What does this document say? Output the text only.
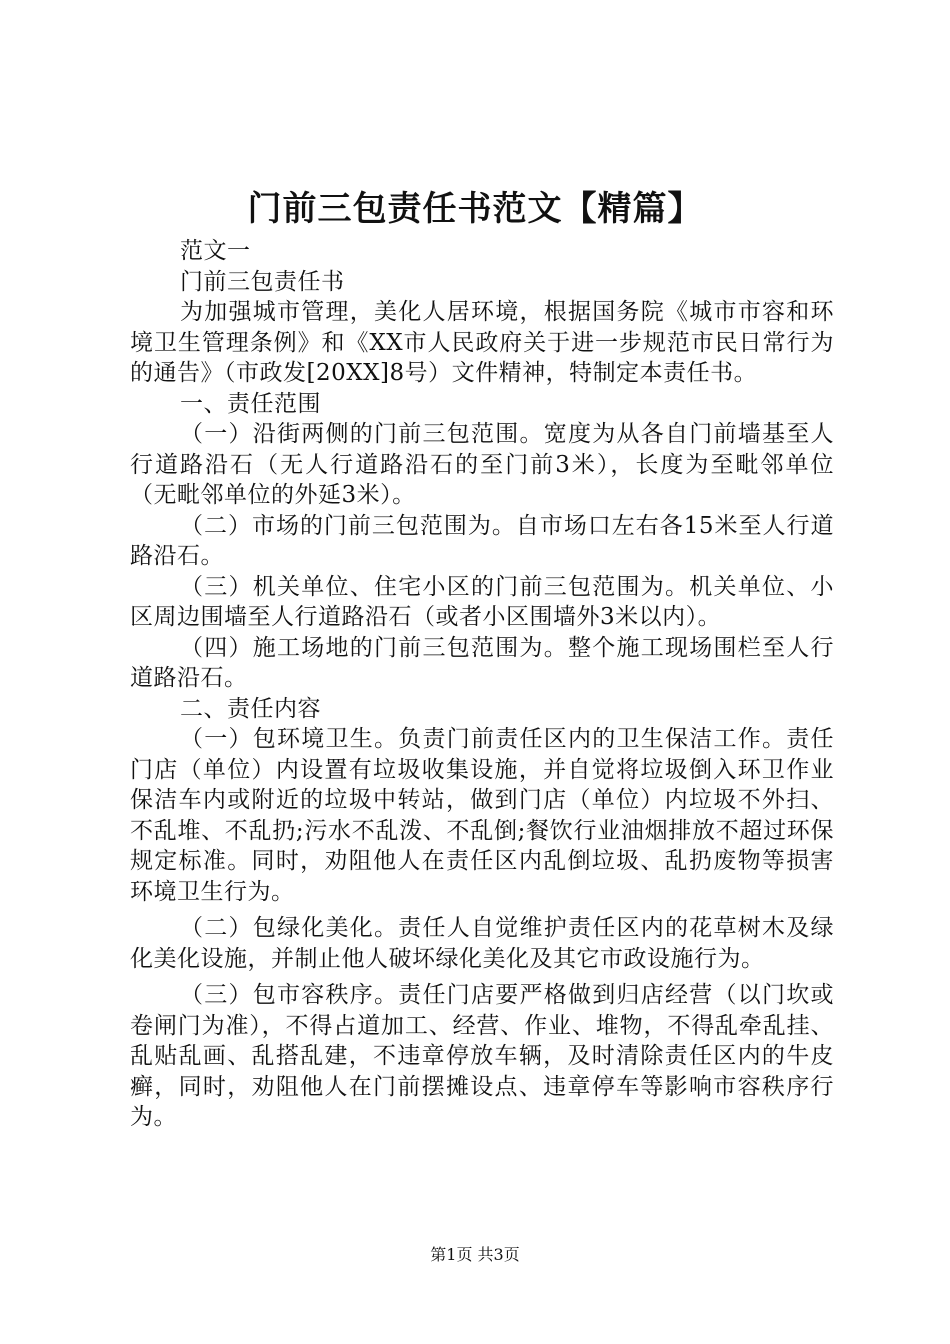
门前三包责任书范文【精篇】

范文一

门前三包责任书

为加强城市管理，美化人居环境，根据国务院《城市市容和环境卫生管理条例》和《XX市人民政府关于进一步规范市民日常行为的通告》（市政发[20XX]8号）文件精神，特制定本责任书。

一、责任范围

（一）沿街两侧的门前三包范围。宽度为从各自门前墙基至人行道路沿石（无人行道路沿石的至门前3米），长度为至毗邻单位（无毗邻单位的外延3米）。

（二）市场的门前三包范围为。自市场口左右各15米至人行道路沿石。

（三）机关单位、住宅小区的门前三包范围为。机关单位、小区周边围墙至人行道路沿石（或者小区围墙外3米以内）。

（四）施工场地的门前三包范围为。整个施工现场围栏至人行道路沿石。

二、责任内容

（一）包环境卫生。负责门前责任区内的卫生保洁工作。责任门店（单位）内设置有垃圾收集设施，并自觉将垃圾倒入环卫作业保洁车内或附近的垃圾中转站，做到门店（单位）内垃圾不外扫、不乱堆、不乱扔;污水不乱泼、不乱倒;餐饮行业油烟排放不超过环保规定标准。同时，劝阻他人在责任区内乱倒垃圾、乱扔废物等损害环境卫生行为。

（二）包绿化美化。责任人自觉维护责任区内的花草树木及绿化美化设施，并制止他人破坏绿化美化及其它市政设施行为。

（三）包市容秩序。责任门店要严格做到归店经营（以门坎或卷闸门为准），不得占道加工、经营、作业、堆物，不得乱牵乱挂、乱贴乱画、乱搭乱建，不违章停放车辆，及时清除责任区内的牛皮癣，同时，劝阻他人在门前摆摊设点、违章停车等影响市容秩序行为。

第1页 共3页
